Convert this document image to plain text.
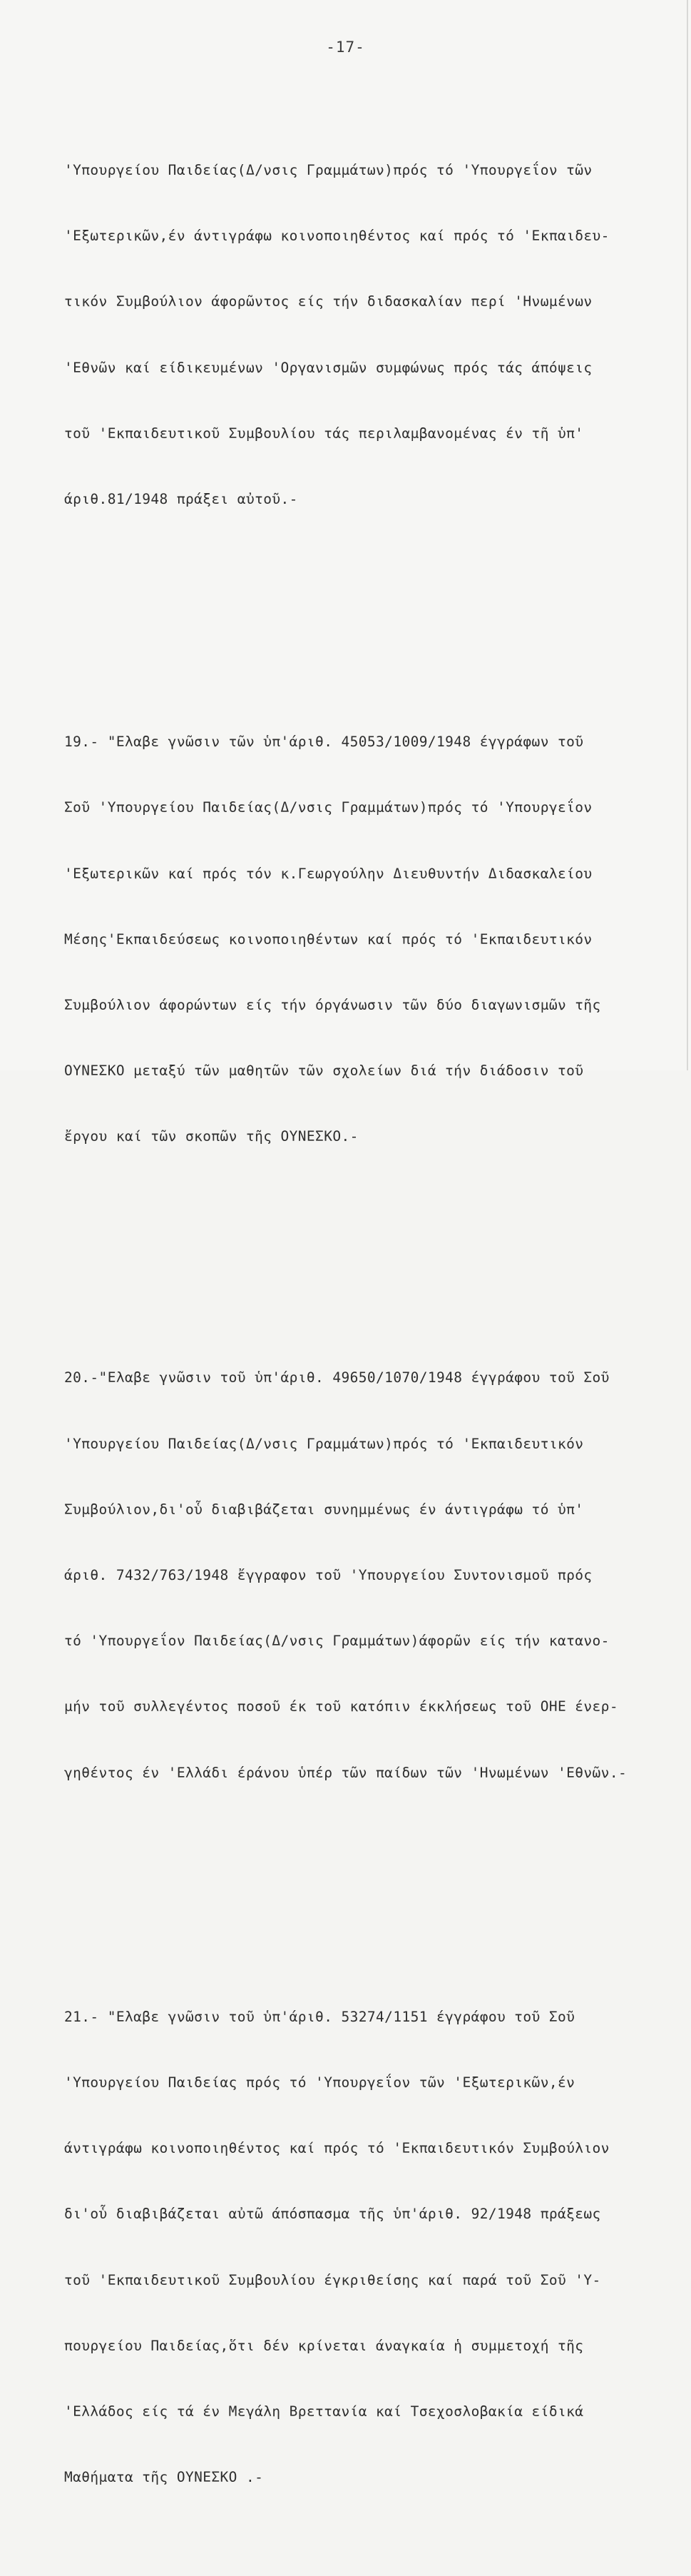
-17-

'Υπουργείου Παιδείας(Δ/νσις Γραμμάτων)πρός τό 'Υπουργεΐον τῶν

'Εξωτερικῶν,έν άντιγράφω κοινοποιηθέντος καί πρός τό 'Εκπαιδευ-

τικόν Συμβούλιον άφορῶντος είς τήν διδασκαλίαν περί 'Ηνωμένων

'Εθνῶν καί είδικευμένων 'Οργανισμῶν συμφώνως πρός τάς άπόψεις

τοῦ 'Εκπαιδευτικοῦ Συμβουλίου τάς περιλαμβανομένας έν τῆ ὑπ'

άριθ.81/1948 πράξει αὐτοῦ.-

19.- "Ελαβε γνῶσιν τῶν ὑπ'άριθ. 45053/1009/1948 έγγράφων τοῦ

Σοῦ 'Υπουργείου Παιδείας(Δ/νσις Γραμμάτων)πρός τό 'Υπουργεΐον

'Εξωτερικῶν καί πρός τόν κ.Γεωργούλην Διευθυντήν Διδασκαλείου

Μέσης'Εκπαιδεύσεως κοινοποιηθέντων καί πρός τό 'Εκπαιδευτικόν

Συμβούλιον άφορώντων είς τήν όργάνωσιν τῶν δύο διαγωνισμῶν τῆς

ΟΥΝΕΣΚΟ μεταξύ τῶν μαθητῶν τῶν σχολείων διά τήν διάδοσιν τοῦ

ἔργου καί τῶν σκοπῶν τῆς ΟΥΝΕΣΚΟ.-

20.-"Ελαβε γνῶσιν τοῦ ὑπ'άριθ. 49650/1070/1948 έγγράφου τοῦ Σοῦ

'Υπουργείου Παιδείας(Δ/νσις Γραμμάτων)πρός τό 'Εκπαιδευτικόν

Συμβούλιον,δι'οὗ διαβιβάζεται συνημμένως έν άντιγράφω τό ὑπ'

άριθ. 7432/763/1948 ἔγγραφον τοῦ 'Υπουργείου Συντονισμοῦ πρός

τό 'Υπουργεΐον Παιδείας(Δ/νσις Γραμμάτων)άφορῶν είς τήν κατανο-

μήν τοῦ συλλεγέντος ποσοῦ έκ τοῦ κατόπιν έκκλήσεως τοῦ ΟΗΕ ένερ-

γηθέντος έν 'Ελλάδι έράνου ὑπέρ τῶν παίδων τῶν 'Ηνωμένων 'Εθνῶν.-

21.- "Ελαβε γνῶσιν τοῦ ὑπ'άριθ. 53274/1151 έγγράφου τοῦ Σοῦ

'Υπουργείου Παιδείας πρός τό 'Υπουργεΐον τῶν 'Εξωτερικῶν,έν

άντιγράφω κοινοποιηθέντος καί πρός τό 'Εκπαιδευτικόν Συμβούλιον

δι'οὗ διαβιβάζεται αὐτῶ άπόσπασμα τῆς ὑπ'άριθ. 92/1948 πράξεως

τοῦ 'Εκπαιδευτικοῦ Συμβουλίου έγκριθείσης καί παρά τοῦ Σοῦ 'Υ-

πουργείου Παιδείας,ὅτι δέν κρίνεται άναγκαία ἡ συμμετοχή τῆς

'Ελλάδος είς τά έν Μεγάλη Βρεττανία καί Τσεχοσλοβακία είδικά

Μαθήματα τῆς ΟΥΝΕΣΚΟ .-
